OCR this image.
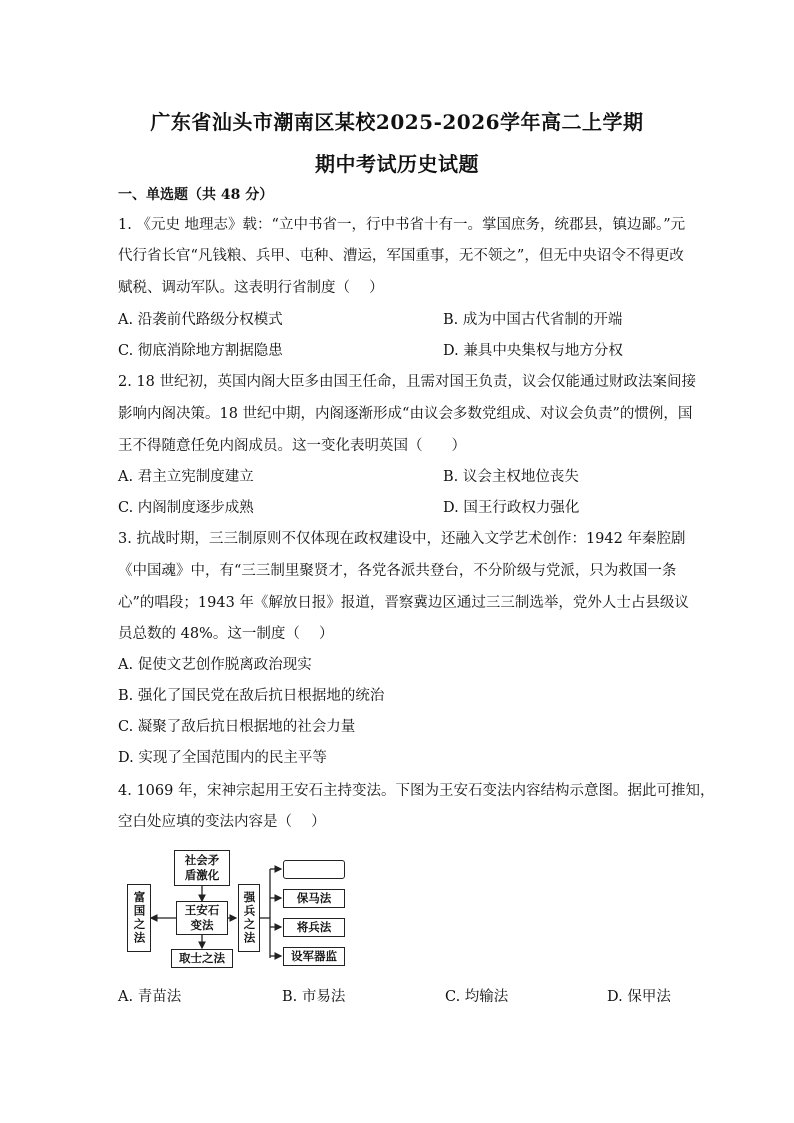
广东省汕头市潮南区某校2025-2026学年高二上学期
期中考试历史试题
一、单选题（共 48 分）
1. 《元史 地理志》载：“立中书省一，行中书省十有一。掌国庶务，统郡县，镇边鄙。”元
代行省长官“凡钱粮、兵甲、屯种、漕运，军国重事，无不领之”，但无中央诏令不得更改
赋税、调动军队。这表明行省制度（　 ）
A. 沿袭前代路级分权模式	B. 成为中国古代省制的开端
C. 彻底消除地方割据隐患	D. 兼具中央集权与地方分权
2. 18 世纪初，英国内阁大臣多由国王任命，且需对国王负责，议会仅能通过财政法案间接
影响内阁决策。18 世纪中期，内阁逐渐形成“由议会多数党组成、对议会负责”的惯例，国
王不得随意任免内阁成员。这一变化表明英国（　　）
A. 君主立宪制度建立	B. 议会主权地位丧失
C. 内阁制度逐步成熟	D. 国王行政权力强化
3. 抗战时期，三三制原则不仅体现在政权建设中，还融入文学艺术创作：1942 年秦腔剧
《中国魂》中，有“三三制里聚贤才，各党各派共登台，不分阶级与党派，只为救国一条
心”的唱段；1943 年《解放日报》报道，晋察冀边区通过三三制选举，党外人士占县级议
员总数的 48%。这一制度（　 ）
A. 促使文艺创作脱离政治现实
B. 强化了国民党在敌后抗日根据地的统治
C. 凝聚了敌后抗日根据地的社会力量
D. 实现了全国范围内的民主平等
4. 1069 年，宋神宗起用王安石主持变法。下图为王安石变法内容结构示意图。据此可推知，
空白处应填的变法内容是（　 ）
社会矛
盾激化
王安石
变法
富国之法	强兵之法
取士之法
保马法
将兵法
设军器监
A. 青苗法	B. 市易法	C. 均输法	D. 保甲法
